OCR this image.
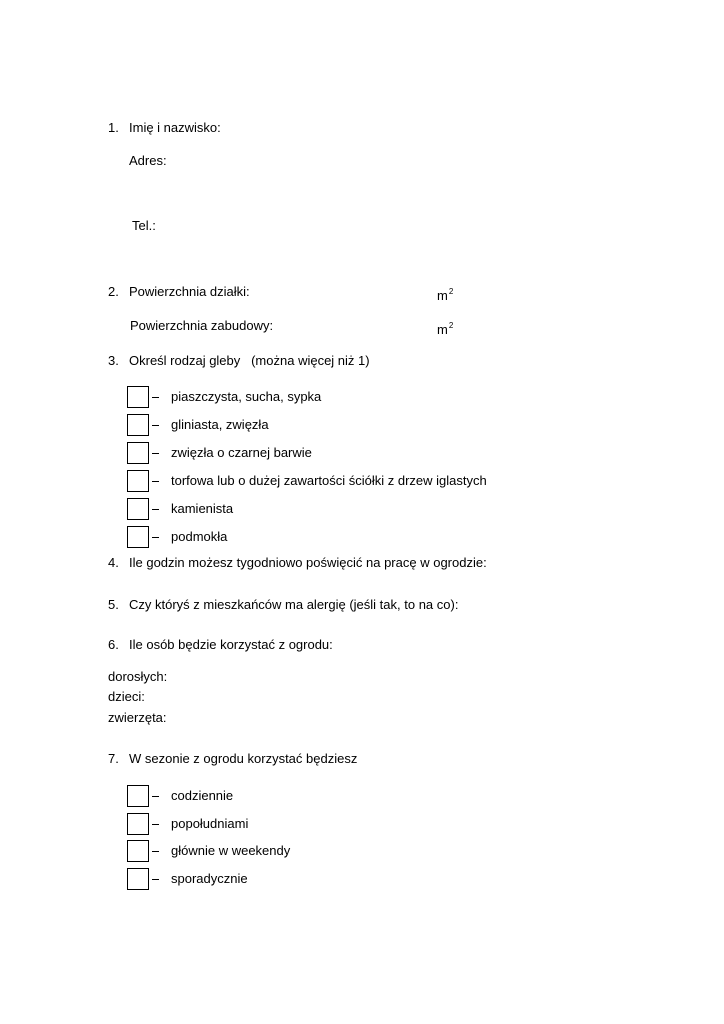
1. Imię i nazwisko:
Adres:
Tel.:
2. Powierzchnia działki:	$m^2$
Powierzchnia zabudowy:	$m^2$
3. Określ rodzaj gleby   (można więcej niż 1)
piaszczysta, sucha, sypka
gliniasta, zwięzła
zwięzła o czarnej barwie
torfowa lub o dużej zawartości ściółki z drzew iglastych
kamienista
podmokła
4. Ile godzin możesz tygodniowo poświęcić na pracę w ogrodzie:
5. Czy któryś z mieszkańców ma alergię (jeśli tak, to na co):
6. Ile osób będzie korzystać z ogrodu:
dorosłych:
dzieci:
zwierzęta:
7. W sezonie z ogrodu korzystać będziesz
codziennie
popołudniami
głównie w weekendy
sporadycznie
